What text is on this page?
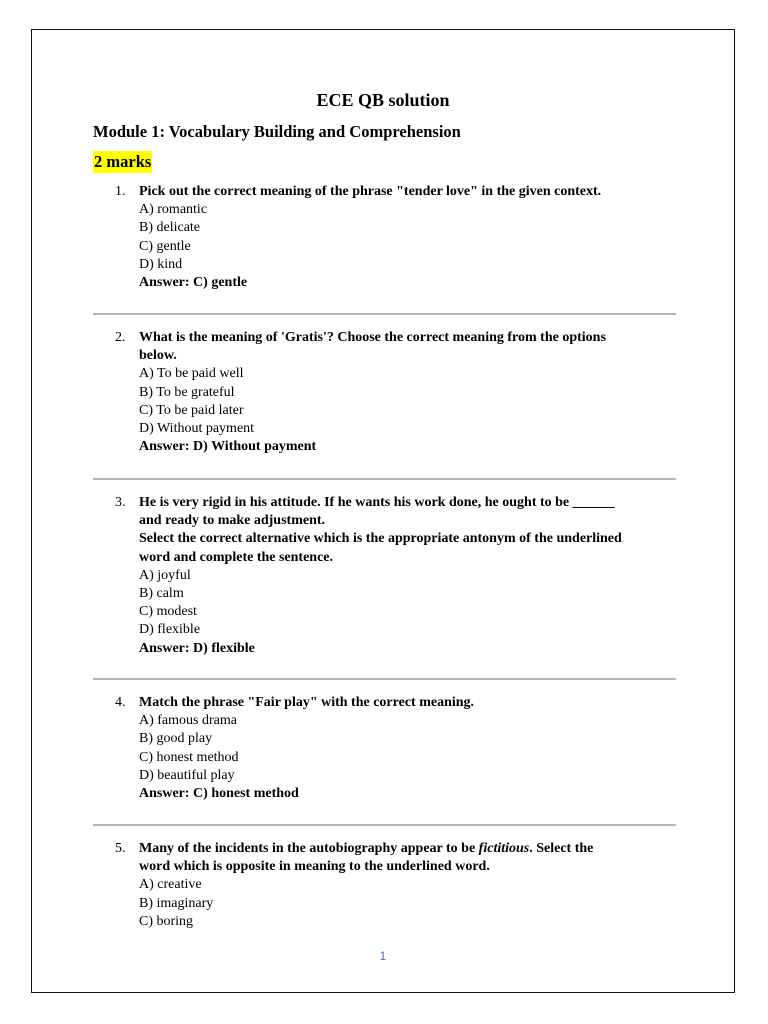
ECE QB solution
Module 1: Vocabulary Building and Comprehension
2 marks
1. Pick out the correct meaning of the phrase "tender love" in the given context.
A) romantic
B) delicate
C) gentle
D) kind
Answer: C) gentle
2. What is the meaning of 'Gratis'? Choose the correct meaning from the options
below.
A) To be paid well
B) To be grateful
C) To be paid later
D) Without payment
Answer: D) Without payment
3. He is very rigid in his attitude. If he wants his work done, he ought to be ______
and ready to make adjustment.
Select the correct alternative which is the appropriate antonym of the underlined
word and complete the sentence.
A) joyful
B) calm
C) modest
D) flexible
Answer: D) flexible
4. Match the phrase "Fair play" with the correct meaning.
A) famous drama
B) good play
C) honest method
D) beautiful play
Answer: C) honest method
5. Many of the incidents in the autobiography appear to be fictitious. Select the
word which is opposite in meaning to the underlined word.
A) creative
B) imaginary
C) boring
1
